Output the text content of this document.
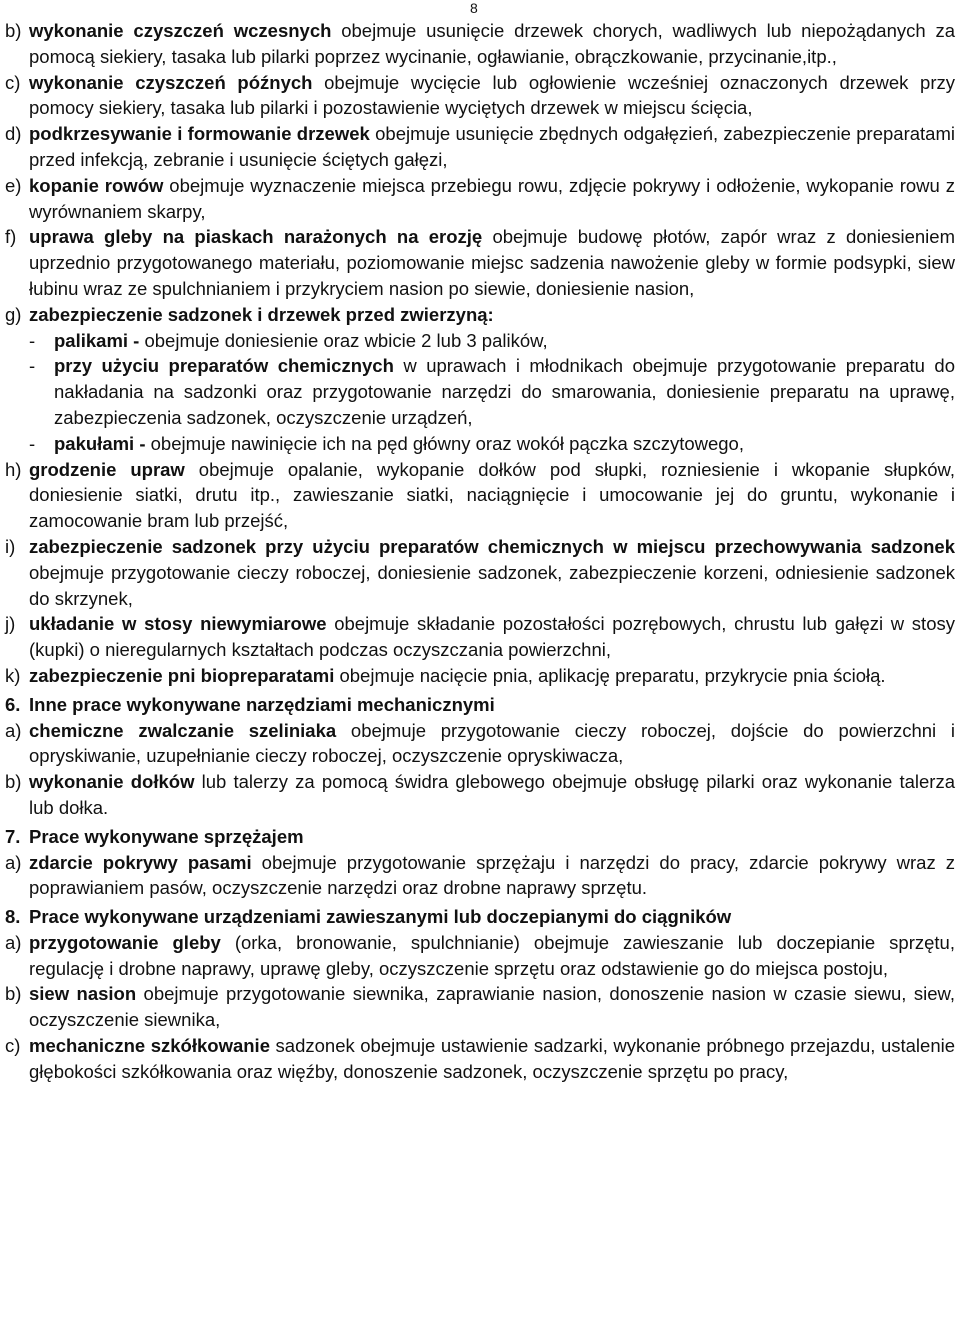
8
b) wykonanie czyszczeń wczesnych obejmuje usunięcie drzewek chorych, wadliwych lub niepożądanych za pomocą siekiery, tasaka lub pilarki poprzez wycinanie, ogławianie, obrączkowanie, przycinanie,itp.,
c) wykonanie czyszczeń późnych obejmuje wycięcie lub ogłowienie wcześniej oznaczonych drzewek przy pomocy siekiery, tasaka lub pilarki i pozostawienie wyciętych drzewek w miejscu ścięcia,
d) podkrzesywanie i formowanie drzewek obejmuje usunięcie zbędnych odgałęzień, zabezpieczenie preparatami przed infekcją, zebranie i usunięcie ściętych gałęzi,
e) kopanie rowów obejmuje wyznaczenie miejsca przebiegu rowu, zdjęcie pokrywy i odłożenie, wykopanie rowu z wyrównaniem skarpy,
f) uprawa gleby na piaskach narażonych na erozję obejmuje budowę płotów, zapór wraz z doniesieniem uprzednio przygotowanego materiału, poziomowanie miejsc sadzenia nawożenie gleby w formie podsypki, siew łubinu wraz ze spulchnianiem i przykryciem nasion po siewie, doniesienie nasion,
g) zabezpieczenie sadzonek i drzewek przed zwierzyną:
-	palikami - obejmuje doniesienie oraz wbicie 2 lub 3 palików,
-	przy użyciu preparatów chemicznych w uprawach i młodnikach obejmuje przygotowanie preparatu do nakładania na sadzonki oraz przygotowanie narzędzi do smarowania, doniesienie preparatu na uprawę, zabezpieczenia sadzonek, oczyszczenie urządzeń,
-	pakułami - obejmuje nawinięcie ich na pęd główny oraz wokół pączka szczytowego,
h) grodzenie upraw obejmuje opalanie, wykopanie dołków pod słupki, rozniesienie i wkopanie słupków, doniesienie siatki, drutu itp., zawieszanie siatki, naciągnięcie i umocowanie jej do gruntu, wykonanie i zamocowanie bram lub przejść,
i) zabezpieczenie sadzonek przy użyciu preparatów chemicznych w miejscu przechowywania sadzonek obejmuje przygotowanie cieczy roboczej, doniesienie sadzonek, zabezpieczenie korzeni, odniesienie sadzonek do skrzynek,
j) układanie w stosy niewymiarowe obejmuje składanie pozostałości pozrębowych, chrustu lub gałęzi w stosy (kupki) o nieregularnych kształtach podczas oczyszczania powierzchni,
k) zabezpieczenie pni biopreparatami obejmuje nacięcie pnia, aplikację preparatu, przykrycie pnia ściołą.
6. Inne prace wykonywane narzędziami mechanicznymi
a) chemiczne zwalczanie szeliniaka obejmuje przygotowanie cieczy roboczej, dojście do powierzchni i opryskiwanie, uzupełnianie cieczy roboczej, oczyszczenie opryskiwacza,
b) wykonanie dołków lub talerzy za pomocą świdra glebowego obejmuje obsługę pilarki oraz wykonanie talerza lub dołka.
7. Prace wykonywane sprzężajem
a) zdarcie pokrywy pasami obejmuje przygotowanie sprzężaju i narzędzi do pracy, zdarcie pokrywy wraz z poprawianiem pasów, oczyszczenie narzędzi oraz drobne naprawy sprzętu.
8. Prace wykonywane urządzeniami zawieszanymi lub doczepianymi do ciągników
a) przygotowanie gleby (orka, bronowanie, spulchnianie) obejmuje zawieszanie lub doczepianie sprzętu, regulację i drobne naprawy, uprawę gleby, oczyszczenie sprzętu oraz odstawienie go do miejsca postoju,
b) siew nasion obejmuje przygotowanie siewnika, zaprawianie nasion, donoszenie nasion w czasie siewu, siew, oczyszczenie siewnika,
c) mechaniczne szkółkowanie sadzonek obejmuje ustawienie sadzarki, wykonanie próbnego przejazdu, ustalenie głębokości szkółkowania oraz więźby, donoszenie sadzonek, oczyszczenie sprzętu po pracy,
